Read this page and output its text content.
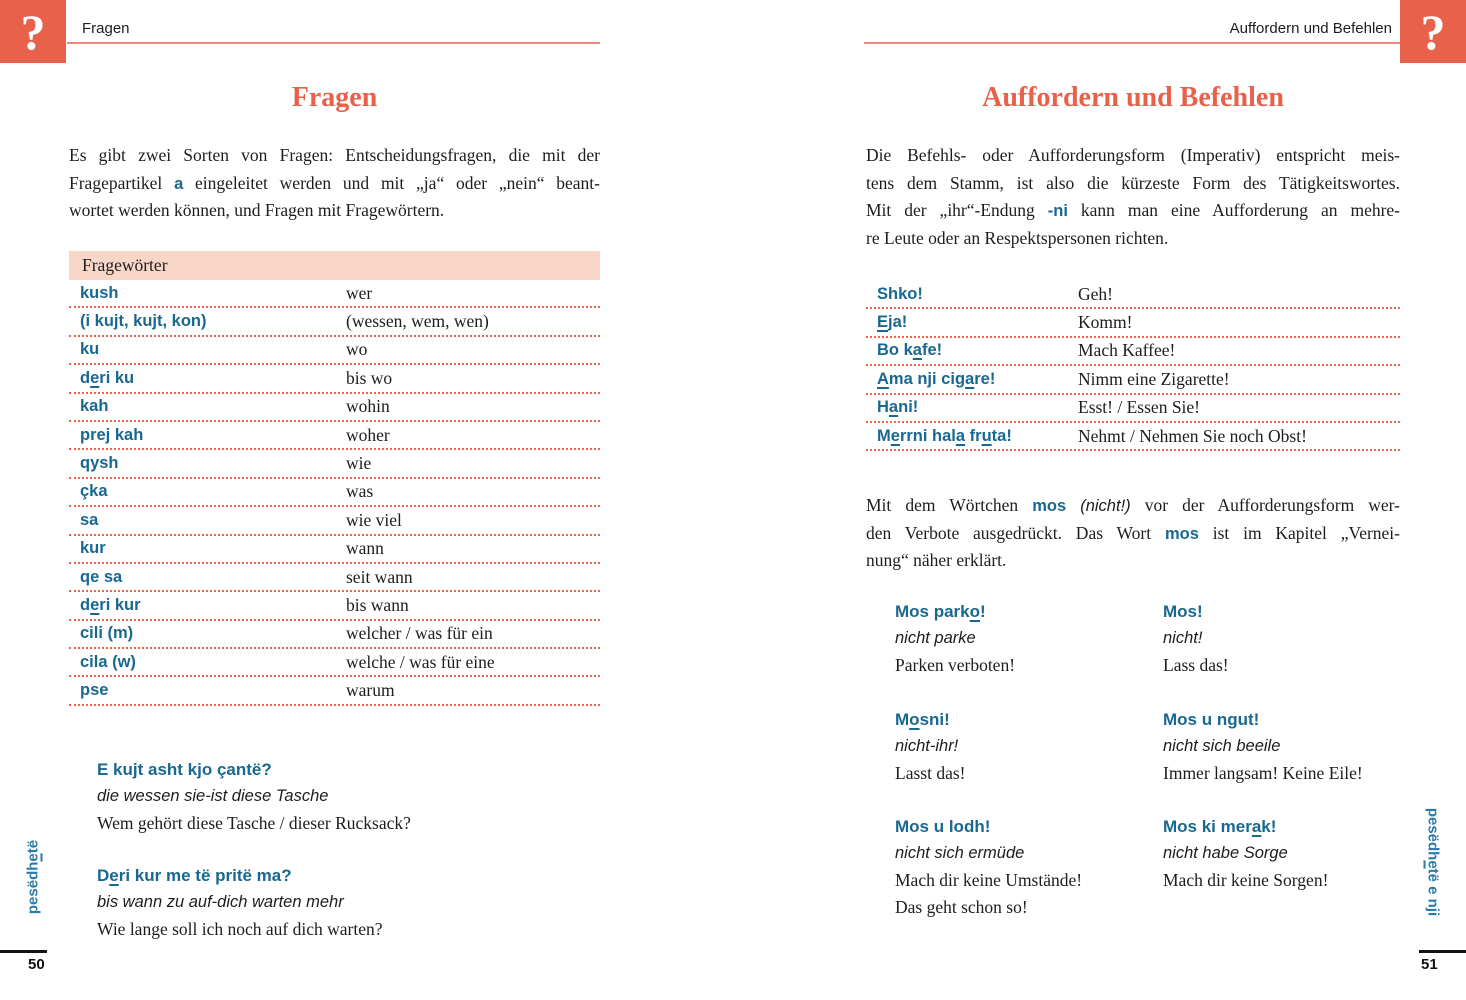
?	Fragen
Fragen
Es gibt zwei Sorten von Fragen: Entscheidungsfragen, die mit der
Fragepartikel a eingeleitet werden und mit „ja“ oder „nein“ beant-
wortet werden können, und Fragen mit Fragewörtern.
Fragewörter
kush	wer
(i kujt, kujt, kon)	(wessen, wem, wen)
ku	wo
deri ku	bis wo
kah	wohin
prej kah	woher
qysh	wie
çka	was
sa	wie viel
kur	wann
qe sa	seit wann
deri kur	bis wann
cili (m)	welcher / was für ein
cila (w)	welche / was für eine
pse	warum
E kujt asht kjo çantë?
die wessen sie-ist diese Tasche
Wem gehört diese Tasche / dieser Rucksack?
Deri kur me të pritë ma?
bis wann zu auf-dich warten mehr
Wie lange soll ich noch auf dich warten?
pesëdhetë
50
?
Auffordern und Befehlen
Auffordern und Befehlen
Die Befehls- oder Aufforderungsform (Imperativ) entspricht meis-
tens dem Stamm, ist also die kürzeste Form des Tätigkeitswortes.
Mit der „ihr“-Endung -ni kann man eine Aufforderung an mehre-
re Leute oder an Respektspersonen richten.
Shko!	Geh!
Eja!	Komm!
Bo kafe!	Mach Kaffee!
Ama nji cigare!	Nimm eine Zigarette!
Hani!	Esst! / Essen Sie!
Merrni hala fruta!	Nehmt / Nehmen Sie noch Obst!
Mit dem Wörtchen mos (nicht!) vor der Aufforderungsform wer-
den Verbote ausgedrückt. Das Wort mos ist im Kapitel „Vernei-
nung“ näher erklärt.
Mos parko!
nicht parke
Parken verboten!
Mos!
nicht!
Lass das!
Mosni!
nicht-ihr!
Lasst das!
Mos u ngut!
nicht sich beeile
Immer langsam! Keine Eile!
Mos u lodh!
nicht sich ermüde
Mach dir keine Umstände!
Das geht schon so!
Mos ki merak!
nicht habe Sorge
Mach dir keine Sorgen!
pesëdhetë e nji
51
